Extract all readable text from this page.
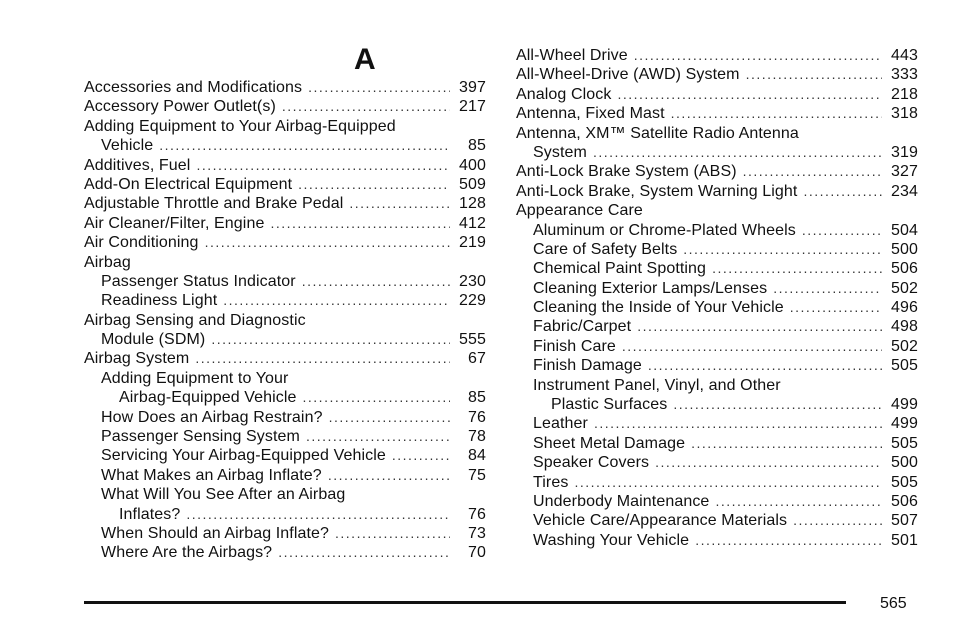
A
Accessories and Modifications . . .	397
Accessory Power Outlet(s) . . .	217
Adding Equipment to Your Airbag-Equipped
Vehicle . . .	85
Additives, Fuel . . .	400
Add-On Electrical Equipment . . .	509
Adjustable Throttle and Brake Pedal . . .	128
Air Cleaner/Filter, Engine . . .	412
Air Conditioning . . .	219
Airbag
Passenger Status Indicator . . .	230
Readiness Light . . .	229
Airbag Sensing and Diagnostic
Module (SDM) . . .	555
Airbag System . . .	67
Adding Equipment to Your
Airbag-Equipped Vehicle . . .	85
How Does an Airbag Restrain? . . .	76
Passenger Sensing System . . .	78
Servicing Your Airbag-Equipped Vehicle . . .	84
What Makes an Airbag Inflate? . . .	75
What Will You See After an Airbag
Inflates? . . .	76
When Should an Airbag Inflate? . . .	73
Where Are the Airbags? . . .	70
All-Wheel Drive . . .	443
All-Wheel-Drive (AWD) System . . .	333
Analog Clock . . .	218
Antenna, Fixed Mast . . .	318
Antenna, XM™ Satellite Radio Antenna
System . . .	319
Anti-Lock Brake System (ABS) . . .	327
Anti-Lock Brake, System Warning Light . . .	234
Appearance Care
Aluminum or Chrome-Plated Wheels . . .	504
Care of Safety Belts . . .	500
Chemical Paint Spotting . . .	506
Cleaning Exterior Lamps/Lenses . . .	502
Cleaning the Inside of Your Vehicle . . .	496
Fabric/Carpet . . .	498
Finish Care . . .	502
Finish Damage . . .	505
Instrument Panel, Vinyl, and Other
Plastic Surfaces . . .	499
Leather . . .	499
Sheet Metal Damage . . .	505
Speaker Covers . . .	500
Tires . . .	505
Underbody Maintenance . . .	506
Vehicle Care/Appearance Materials . . .	507
Washing Your Vehicle . . .	501
565
